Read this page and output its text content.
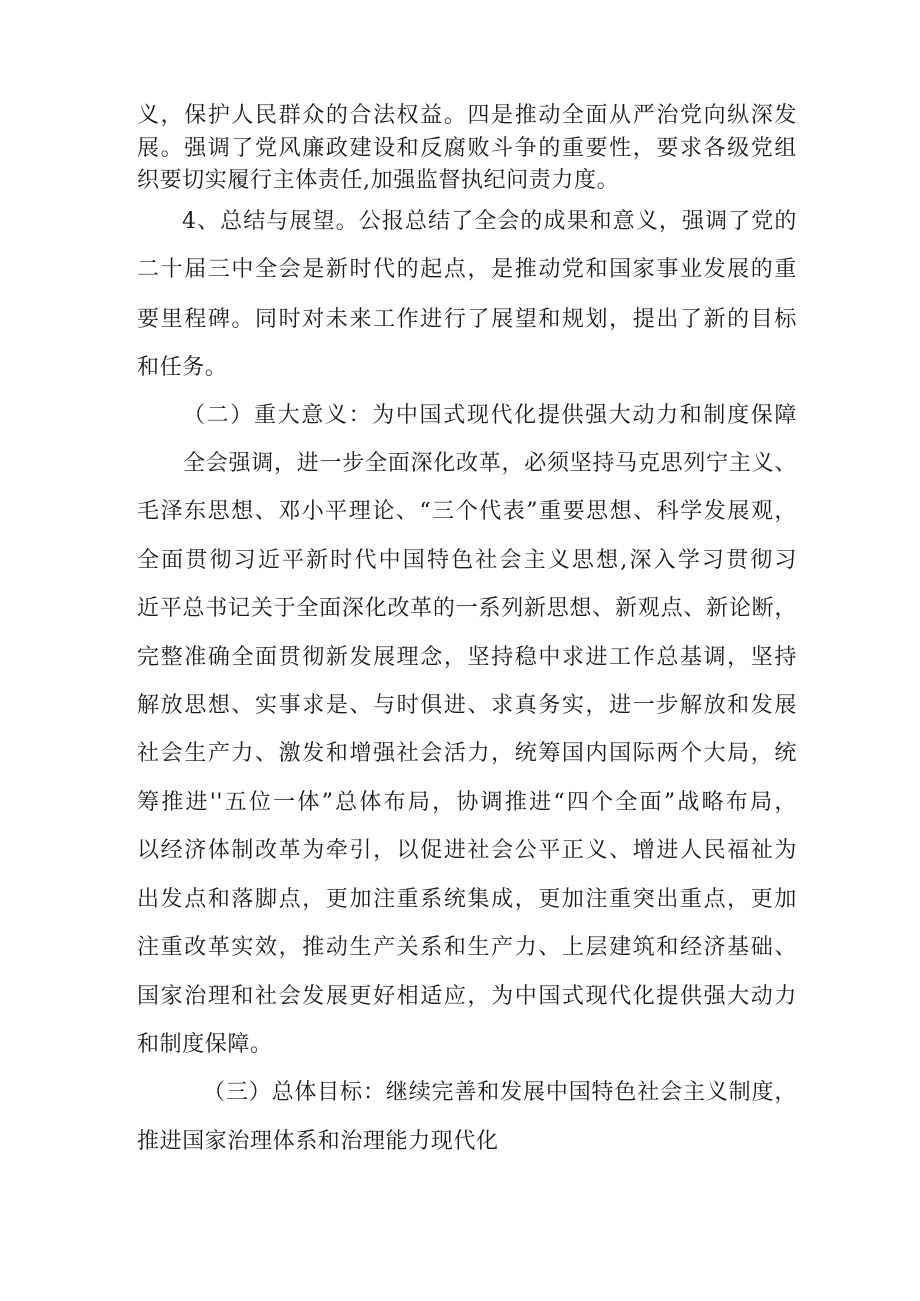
义，保护人民群众的合法权益。四是推动全面从严治党向纵深发
展。强调了党风廉政建设和反腐败斗争的重要性，要求各级党组
织要切实履行主体责任,加强监督执纪问责力度。
4、总结与展望。公报总结了全会的成果和意义，强调了党的
二十届三中全会是新时代的起点，是推动党和国家事业发展的重
要里程碑。同时对未来工作进行了展望和规划，提出了新的目标
和任务。
（二）重大意义：为中国式现代化提供强大动力和制度保障
全会强调，进一步全面深化改革，必须坚持马克思列宁主义、
毛泽东思想、邓小平理论、“三个代表”重要思想、科学发展观，
全面贯彻习近平新时代中国特色社会主义思想,深入学习贯彻习
近平总书记关于全面深化改革的一系列新思想、新观点、新论断，
完整准确全面贯彻新发展理念，坚持稳中求进工作总基调，坚持
解放思想、实事求是、与时俱进、求真务实，进一步解放和发展
社会生产力、激发和增强社会活力，统筹国内国际两个大局，统
筹推进''五位一体”总体布局，协调推进“四个全面”战略布局，
以经济体制改革为牵引，以促进社会公平正义、增进人民福祉为
出发点和落脚点，更加注重系统集成，更加注重突出重点，更加
注重改革实效，推动生产关系和生产力、上层建筑和经济基础、
国家治理和社会发展更好相适应，为中国式现代化提供强大动力
和制度保障。
（三）总体目标：继续完善和发展中国特色社会主义制度，
推进国家治理体系和治理能力现代化
